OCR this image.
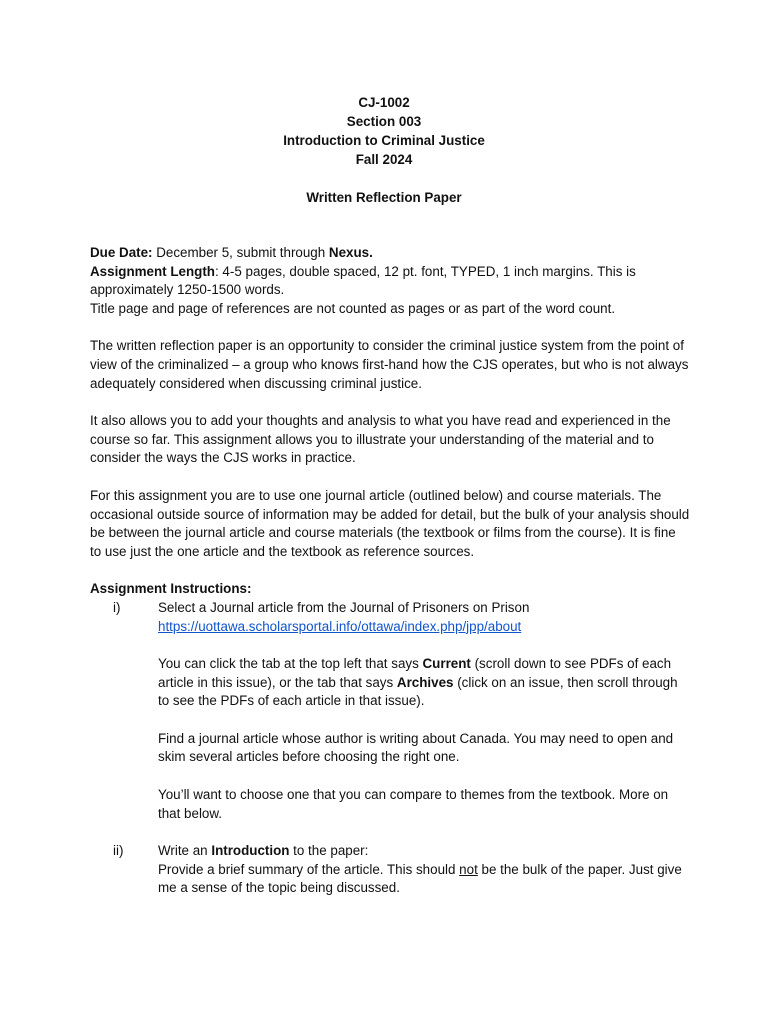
CJ-1002
Section 003
Introduction to Criminal Justice
Fall 2024
Written Reflection Paper

Due Date: December 5, submit through Nexus.

Assignment Length: 4-5 pages, double spaced, 12 pt. font, TYPED, 1 inch margins. This is approximately 1250-1500 words.

Title page and page of references are not counted as pages or as part of the word count.

The written reflection paper is an opportunity to consider the criminal justice system from the point of view of the criminalized – a group who knows first-hand how the CJS operates, but who is not always adequately considered when discussing criminal justice.

It also allows you to add your thoughts and analysis to what you have read and experienced in the course so far. This assignment allows you to illustrate your understanding of the material and to consider the ways the CJS works in practice.

For this assignment you are to use one journal article (outlined below) and course materials. The occasional outside source of information may be added for detail, but the bulk of your analysis should be between the journal article and course materials (the textbook or films from the course). It is fine to use just the one article and the textbook as reference sources.

Assignment Instructions:

i)	Select a Journal article from the Journal of Prisoners on Prison

https://uottawa.scholarsportal.info/ottawa/index.php/jpp/about

You can click the tab at the top left that says Current (scroll down to see PDFs of each article in this issue), or the tab that says Archives (click on an issue, then scroll through to see the PDFs of each article in that issue).

Find a journal article whose author is writing about Canada. You may need to open and skim several articles before choosing the right one.

You’ll want to choose one that you can compare to themes from the textbook. More on that below.

ii)	Write an Introduction to the paper:

Provide a brief summary of the article. This should not be the bulk of the paper. Just give me a sense of the topic being discussed.
